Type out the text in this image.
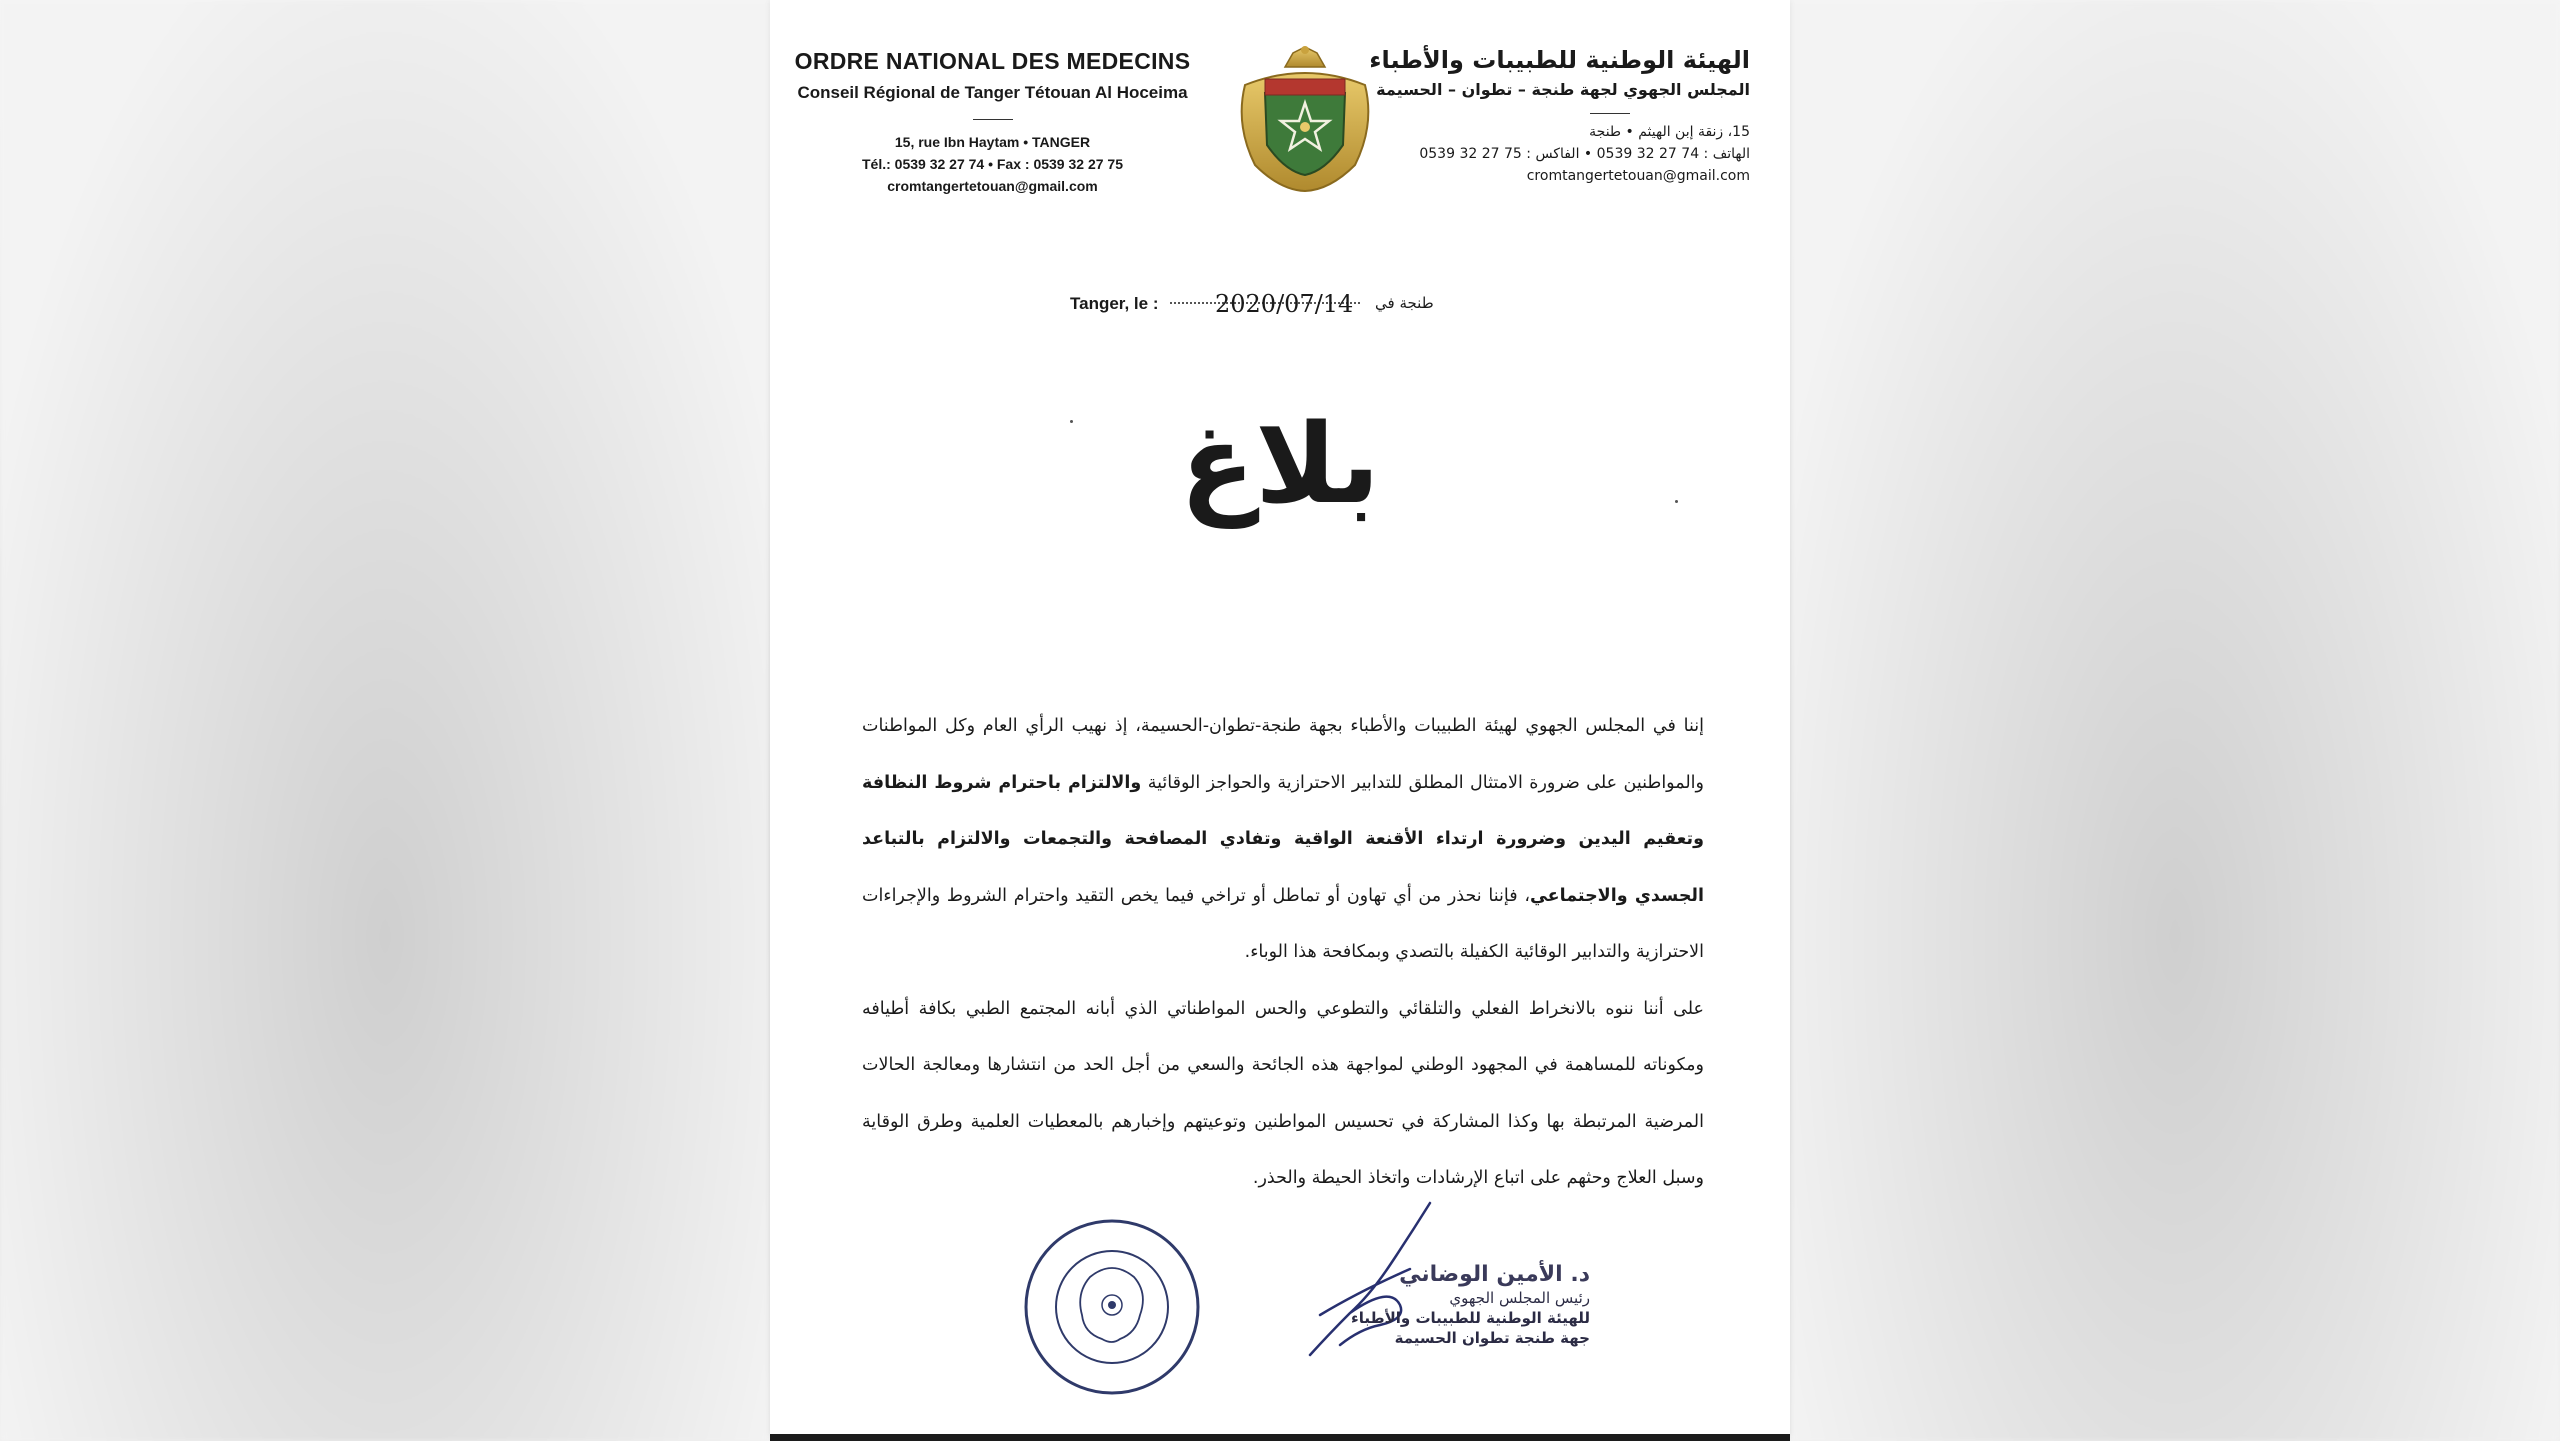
ORDRE NATIONAL DES MEDECINS
Conseil Régional de Tanger Tétouan Al Hoceima
15, rue Ibn Haytam • TANGER
Tél.: 0539 32 27 74 • Fax : 0539 32 27 75
cromtangertetouan@gmail.com
الهيئة الوطنية للطبيبات والأطباء
المجلس الجهوي لجهة طنجة – تطوان – الحسيمة
15، زنقة إبن الهيثم • طنجة
الهاتف : 74 27 32 0539 • الفاكس : 75 27 32 0539
cromtangertetouan@gmail.com
Tanger, le : 2020/07/14 طنجة في
بلاغ
إننا في المجلس الجهوي لهيئة الطبيبات والأطباء بجهة طنجة-تطوان-الحسيمة، إذ نهيب الرأي العام وكل المواطنات والمواطنين على ضرورة الامتثال المطلق للتدابير الاحترازية والحواجز الوقائية والالتزام باحترام شروط النظافة وتعقيم اليدين وضرورة ارتداء الأقنعة الواقية وتفادي المصافحة والتجمعات والالتزام بالتباعد الجسدي والاجتماعي، فإننا نحذر من أي تهاون أو تماطل أو تراخي فيما يخص التقيد واحترام الشروط والإجراءات الاحترازية والتدابير الوقائية الكفيلة بالتصدي وبمكافحة هذا الوباء.
على أننا ننوه بالانخراط الفعلي والتلقائي والتطوعي والحس المواطناتي الذي أبانه المجتمع الطبي بكافة أطيافه ومكوناته للمساهمة في المجهود الوطني لمواجهة هذه الجائحة والسعي من أجل الحد من انتشارها ومعالجة الحالات المرضية المرتبطة بها وكذا المشاركة في تحسيس المواطنين وتوعيتهم وإخبارهم بالمعطيات العلمية وطرق الوقاية وسبل العلاج وحثهم على اتباع الإرشادات واتخاذ الحيطة والحذر.
د. الأمين الوضاني
رئيس المجلس الجهوي
للهيئة الوطنية للطبيبات والأطباء
جهة طنجة تطوان الحسيمة
